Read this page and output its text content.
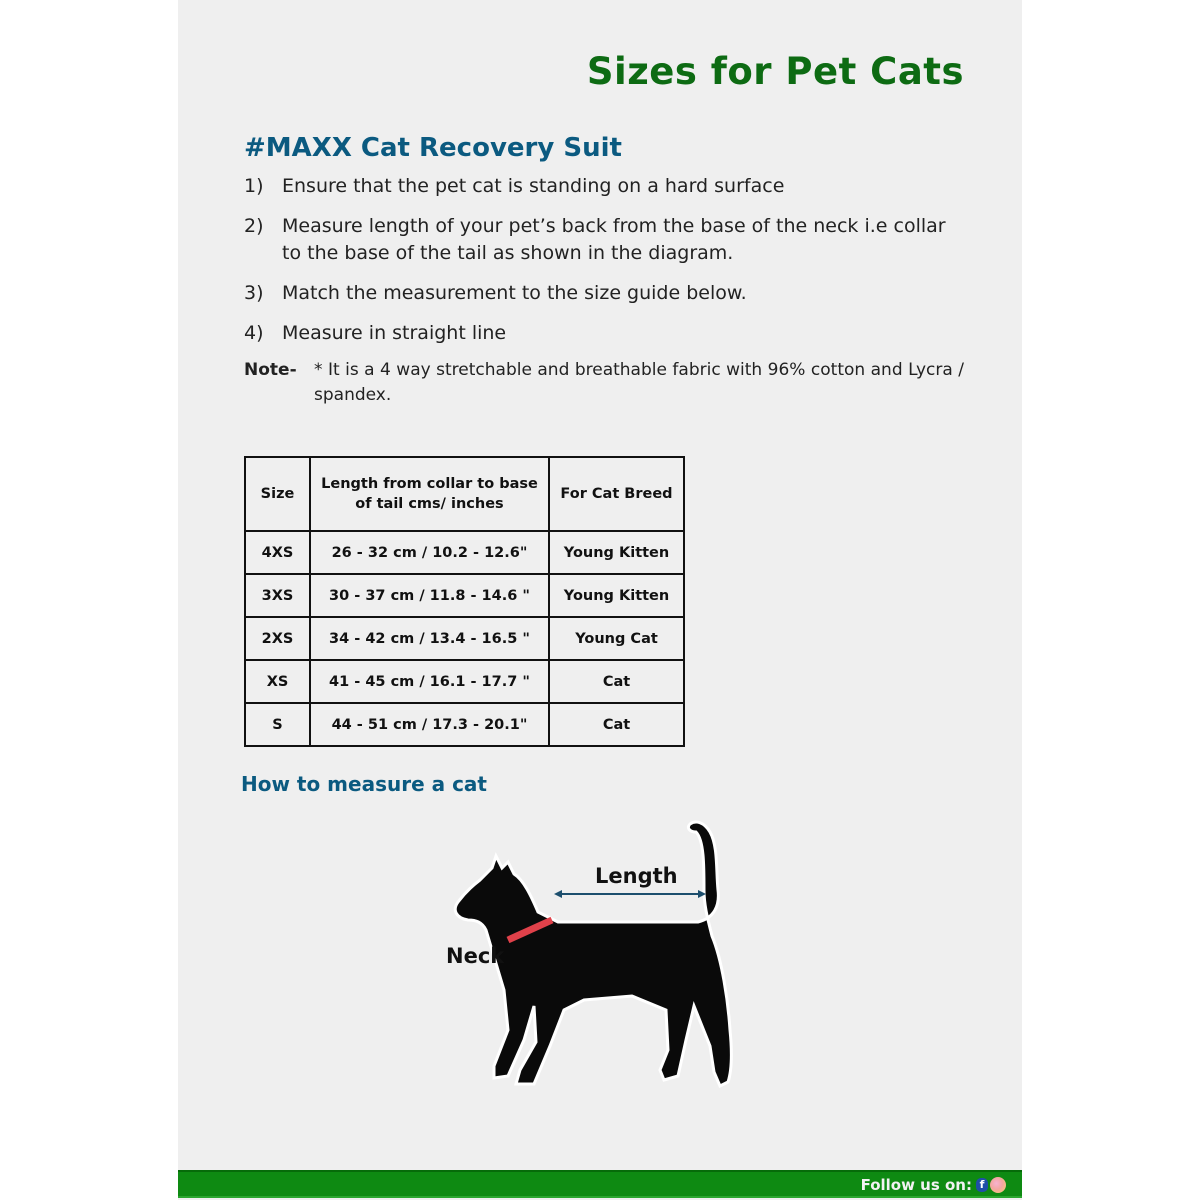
Sizes for Pet Cats
#MAXX Cat Recovery Suit
1) Ensure that the pet cat is standing on a hard surface
2) Measure length of your pet’s back from the base of the neck i.e collar to the base of the tail as shown in the diagram.
3) Match the measurement to the size guide below.
4) Measure in straight line
Note-	* It is a 4 way stretchable and breathable fabric with 96% cotton and Lycra / spandex.
Size	Length from collar to base of tail cms/ inches	For Cat Breed
4XS	26 - 32 cm / 10.2 - 12.6"	Young Kitten
3XS	30 - 37 cm / 11.8 - 14.6 "	Young Kitten
2XS	34 - 42 cm / 13.4 - 16.5 "	Young Cat
XS	41 - 45 cm / 16.1 - 17.7 "	Cat
S	44 - 51 cm / 17.3 - 20.1"	Cat
How to measure a cat
Length
Neck
Follow us on: f
